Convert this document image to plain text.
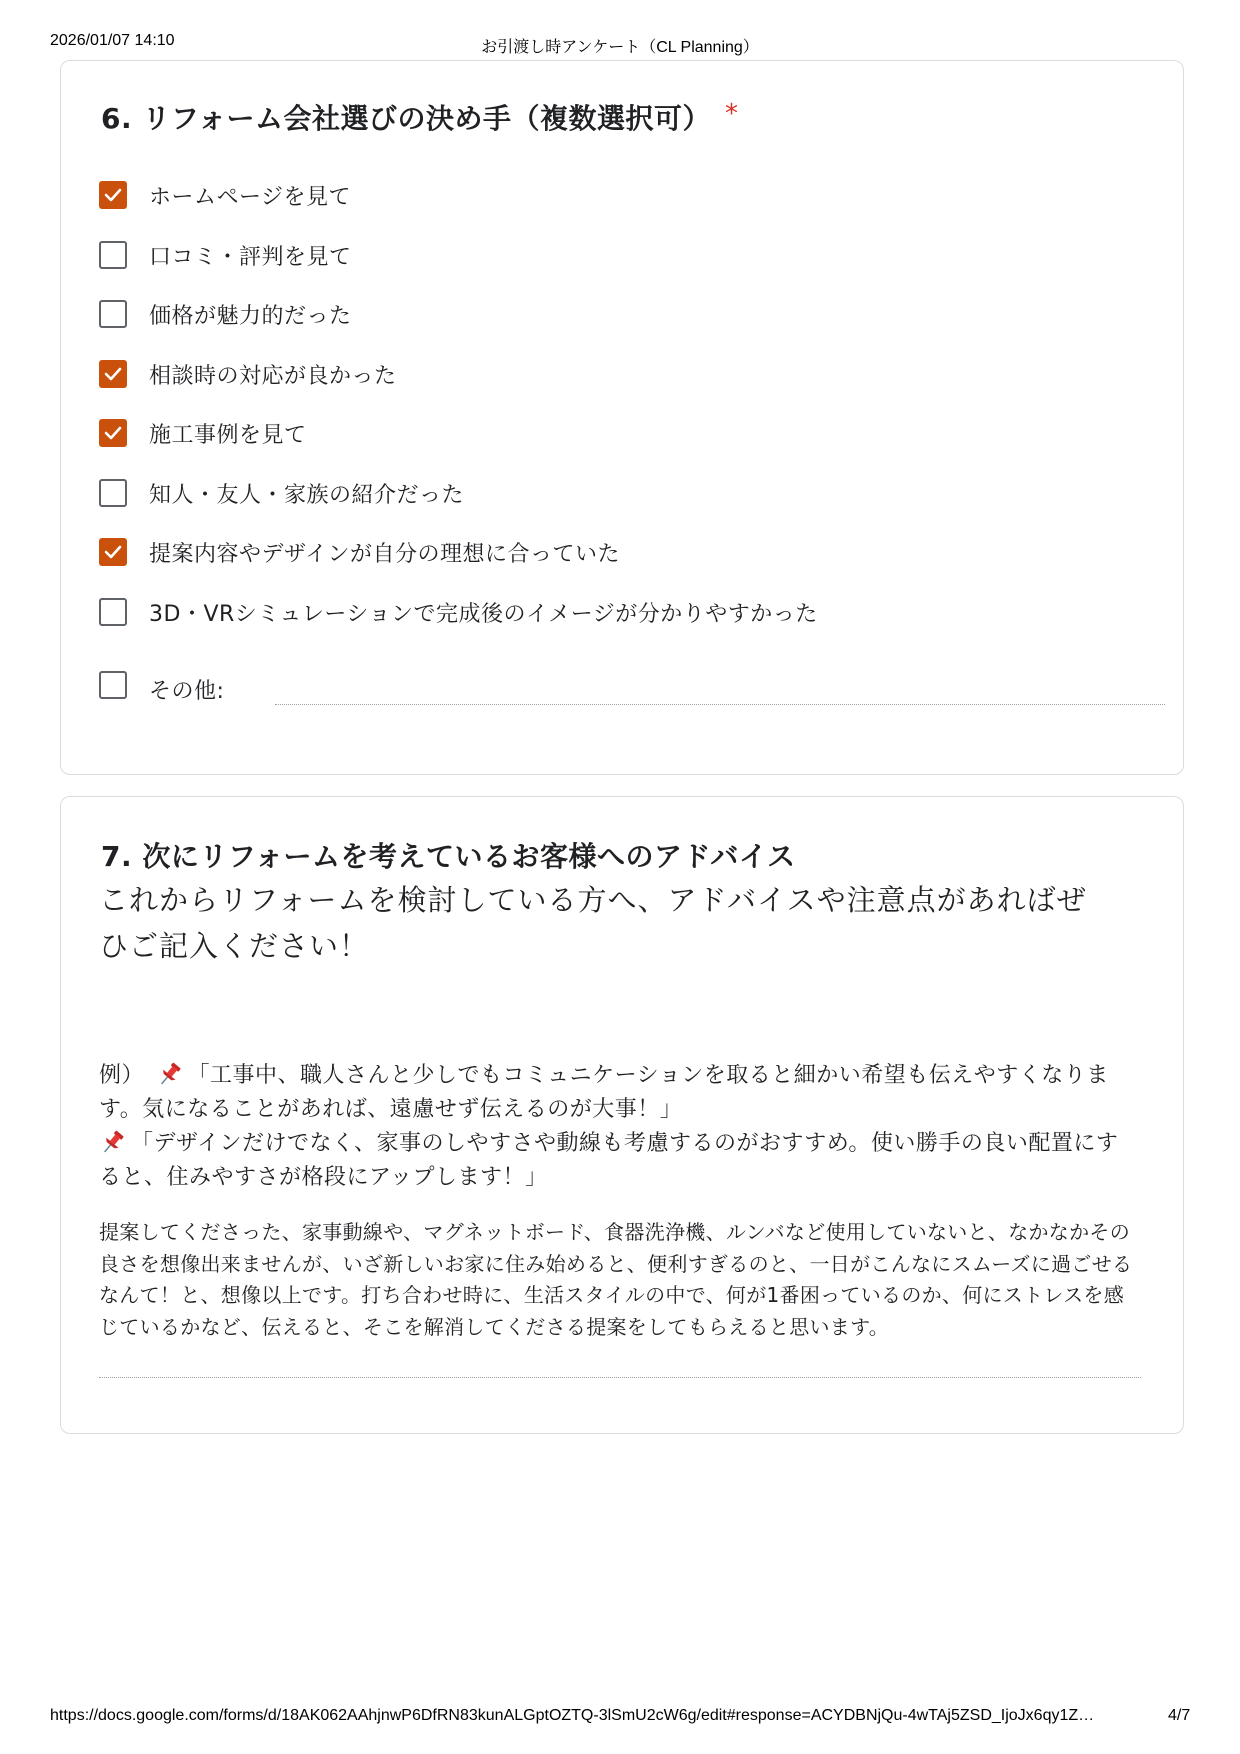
2026/01/07 14:10	お引渡し時アンケート（CL Planning）
6. リフォーム会社選びの決め手（複数選択可） *
ホームページを見て
口コミ・評判を見て
価格が魅力的だった
相談時の対応が良かった
施工事例を見て
知人・友人・家族の紹介だった
提案内容やデザインが自分の理想に合っていた
3D・VRシミュレーションで完成後のイメージが分かりやすかった
その他:
7. 次にリフォームを考えているお客様へのアドバイス
これからリフォームを検討している方へ、アドバイスや注意点があればぜひご記入ください！
例） 「工事中、職人さんと少しでもコミュニケーションを取ると細かい希望も伝えやすくなります。気になることがあれば、遠慮せず伝えるのが大事！」
「デザインだけでなく、家事のしやすさや動線も考慮するのがおすすめ。使い勝手の良い配置にすると、住みやすさが格段にアップします！」
提案してくださった、家事動線や、マグネットボード、食器洗浄機、ルンバなど使用していないと、なかなかその良さを想像出来ませんが、いざ新しいお家に住み始めると、便利すぎるのと、一日がこんなにスムーズに過ごせるなんて！と、想像以上です。打ち合わせ時に、生活スタイルの中で、何が1番困っているのか、何にストレスを感じているかなど、伝えると、そこを解消してくださる提案をしてもらえると思います。
https://docs.google.com/forms/d/18AK062AAhjnwP6DfRN83kunALGptOZTQ-3lSmU2cW6g/edit#response=ACYDBNjQu-4wTAj5ZSD_IjoJx6qy1Z…	4/7
